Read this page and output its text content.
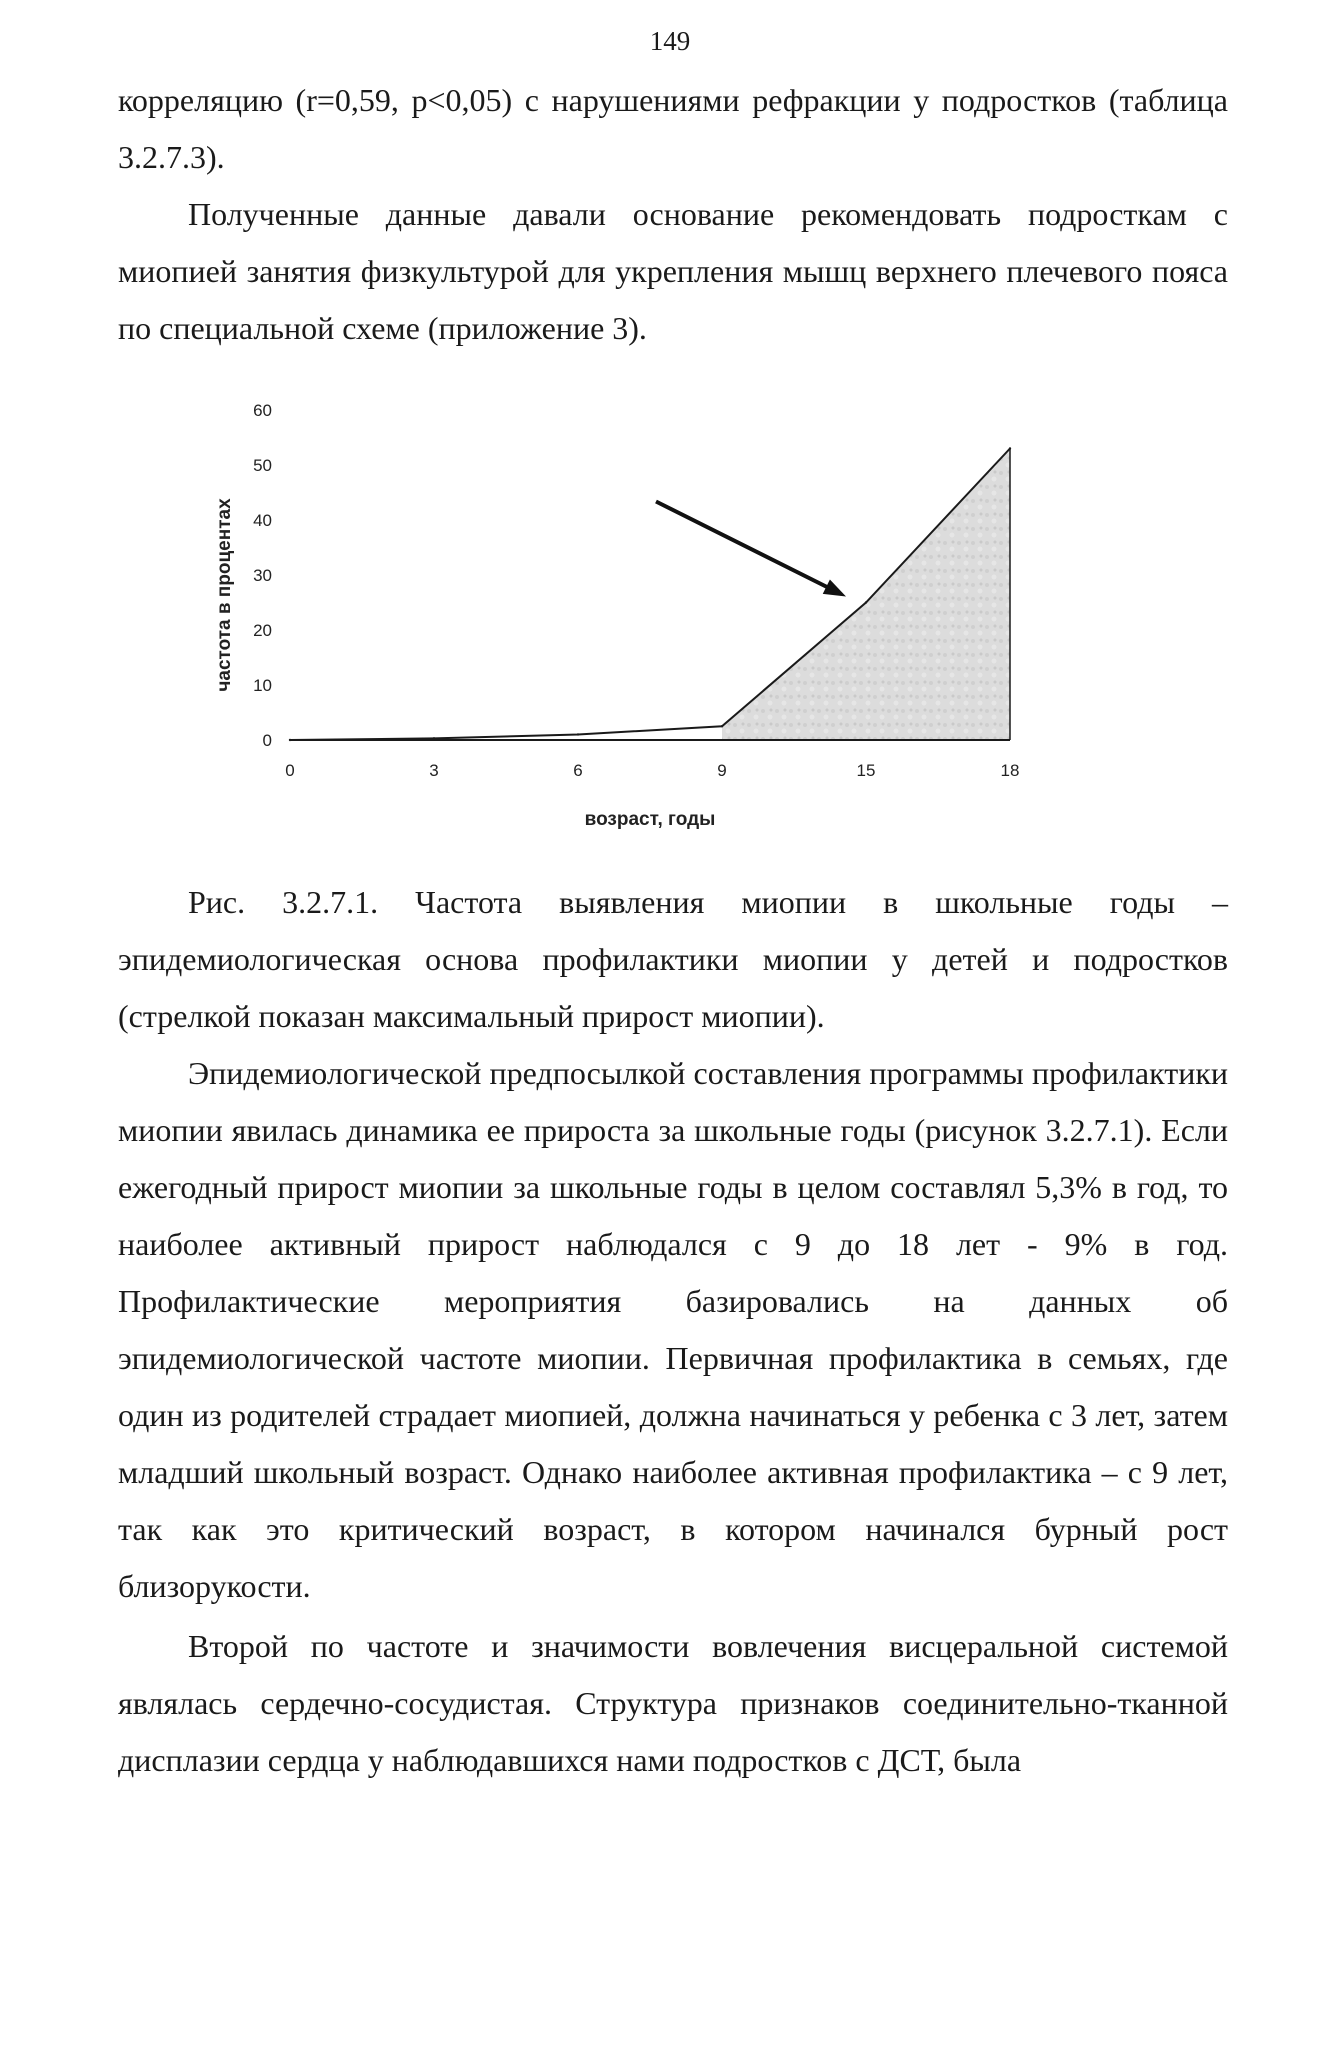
149

корреляцию (r=0,59, p<0,05) с нарушениями рефракции у подростков (таблица 3.2.7.3).

Полученные данные давали основание рекомендовать подросткам с миопией занятия физкультурой для укрепления мышц верхнего плечевого пояса по специальной схеме (приложение 3).

0
10
20
30
40
50
60
0	3	6	9	15	18
возраст, годы
частота в процентах

Рис. 3.2.7.1. Частота выявления миопии в школьные годы – эпидемиологическая основа профилактики миопии у детей и подростков (стрелкой показан максимальный прирост миопии).

Эпидемиологической предпосылкой составления программы профилактики миопии явилась динамика ее прироста за школьные годы (рисунок 3.2.7.1). Если ежегодный прирост миопии за школьные годы в целом составлял 5,3% в год, то наиболее активный прирост наблюдался с 9 до 18 лет - 9% в год. Профилактические мероприятия базировались на данных об эпидемиологической частоте миопии. Первичная профилактика в семьях, где один из родителей страдает миопией, должна начинаться у ребенка с 3 лет, затем младший школьный возраст. Однако наиболее активная профилактика – с 9 лет, так как это критический возраст, в котором начинался бурный рост близорукости.

Второй по частоте и значимости вовлечения висцеральной системой являлась сердечно-сосудистая. Структура признаков соединительно-тканной дисплазии сердца у наблюдавшихся нами подростков с ДСТ, была
